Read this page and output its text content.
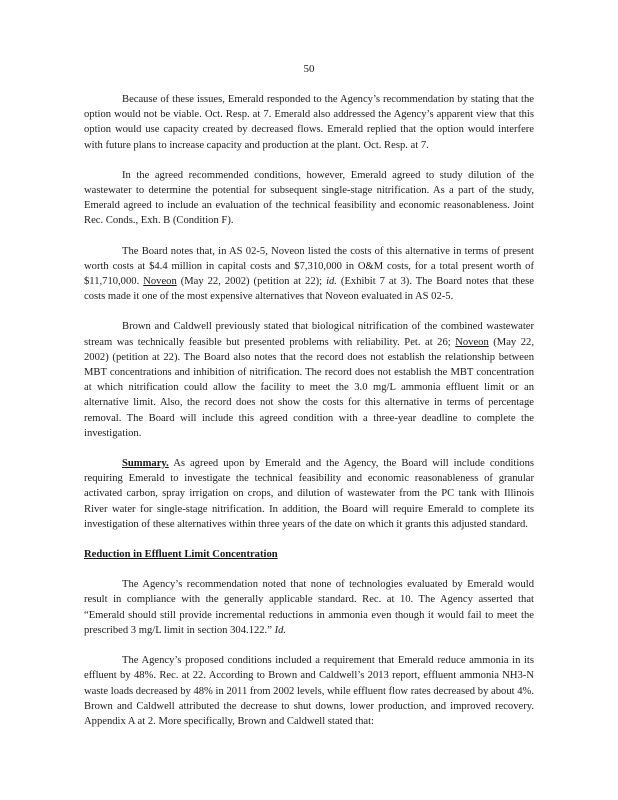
50

Because of these issues, Emerald responded to the Agency’s recommendation by stating that the option would not be viable. Oct. Resp. at 7. Emerald also addressed the Agency’s apparent view that this option would use capacity created by decreased flows. Emerald replied that the option would interfere with future plans to increase capacity and production at the plant. Oct. Resp. at 7.

In the agreed recommended conditions, however, Emerald agreed to study dilution of the wastewater to determine the potential for subsequent single-stage nitrification. As a part of the study, Emerald agreed to include an evaluation of the technical feasibility and economic reasonableness. Joint Rec. Conds., Exh. B (Condition F).

The Board notes that, in AS 02-5, Noveon listed the costs of this alternative in terms of present worth costs at $4.4 million in capital costs and $7,310,000 in O&M costs, for a total present worth of $11,710,000. Noveon (May 22, 2002) (petition at 22); id. (Exhibit 7 at 3). The Board notes that these costs made it one of the most expensive alternatives that Noveon evaluated in AS 02-5.

Brown and Caldwell previously stated that biological nitrification of the combined wastewater stream was technically feasible but presented problems with reliability. Pet. at 26; Noveon (May 22, 2002) (petition at 22). The Board also notes that the record does not establish the relationship between MBT concentrations and inhibition of nitrification. The record does not establish the MBT concentration at which nitrification could allow the facility to meet the 3.0 mg/L ammonia effluent limit or an alternative limit. Also, the record does not show the costs for this alternative in terms of percentage removal. The Board will include this agreed condition with a three-year deadline to complete the investigation.

Summary. As agreed upon by Emerald and the Agency, the Board will include conditions requiring Emerald to investigate the technical feasibility and economic reasonableness of granular activated carbon, spray irrigation on crops, and dilution of wastewater from the PC tank with Illinois River water for single-stage nitrification. In addition, the Board will require Emerald to complete its investigation of these alternatives within three years of the date on which it grants this adjusted standard.

Reduction in Effluent Limit Concentration

The Agency’s recommendation noted that none of technologies evaluated by Emerald would result in compliance with the generally applicable standard. Rec. at 10. The Agency asserted that “Emerald should still provide incremental reductions in ammonia even though it would fail to meet the prescribed 3 mg/L limit in section 304.122.” Id.

The Agency’s proposed conditions included a requirement that Emerald reduce ammonia in its effluent by 48%. Rec. at 22. According to Brown and Caldwell’s 2013 report, effluent ammonia NH3-N waste loads decreased by 48% in 2011 from 2002 levels, while effluent flow rates decreased by about 4%. Brown and Caldwell attributed the decrease to shut downs, lower production, and improved recovery. Appendix A at 2. More specifically, Brown and Caldwell stated that:
